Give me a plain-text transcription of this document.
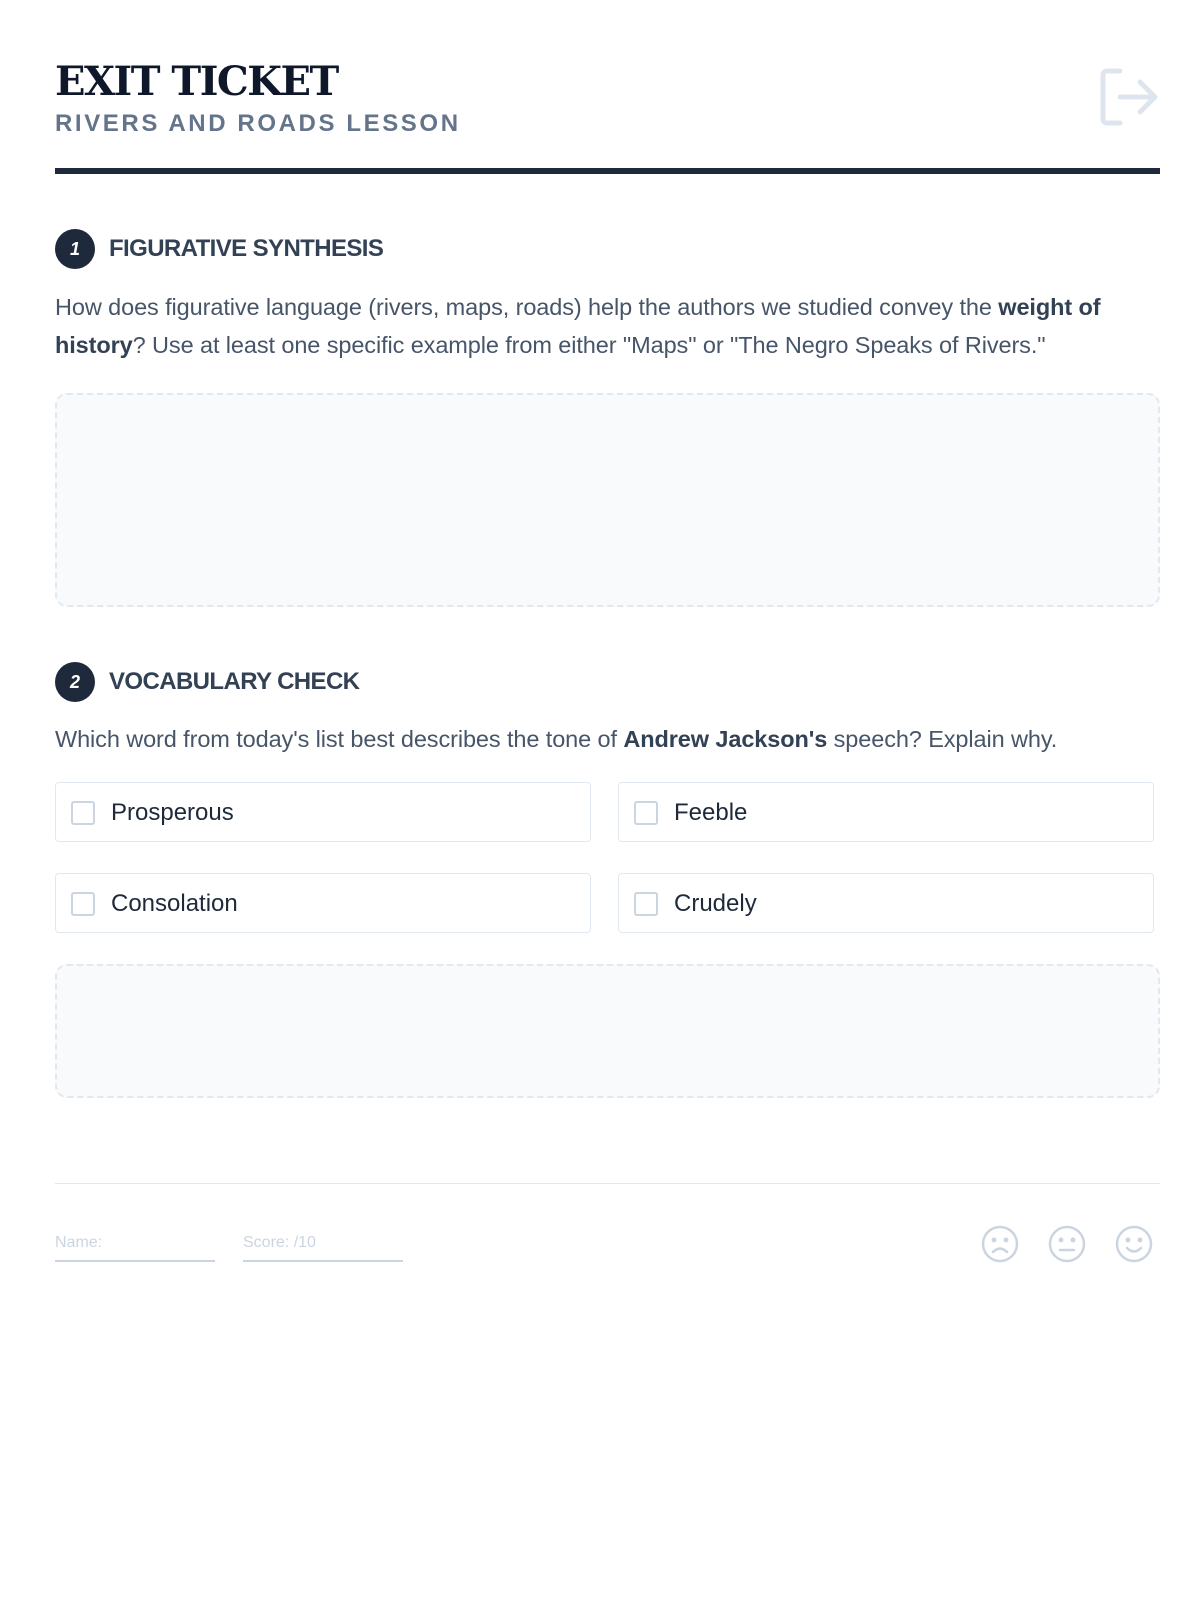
EXIT TICKET
RIVERS AND ROADS LESSON
1	FIGURATIVE SYNTHESIS
How does figurative language (rivers, maps, roads) help the authors we studied convey the weight of history? Use at least one specific example from either "Maps" or "The Negro Speaks of Rivers."
2	VOCABULARY CHECK
Which word from today's list best describes the tone of Andrew Jackson's speech? Explain why.
Prosperous	Feeble
Consolation	Crudely
Name:	Score: /10
